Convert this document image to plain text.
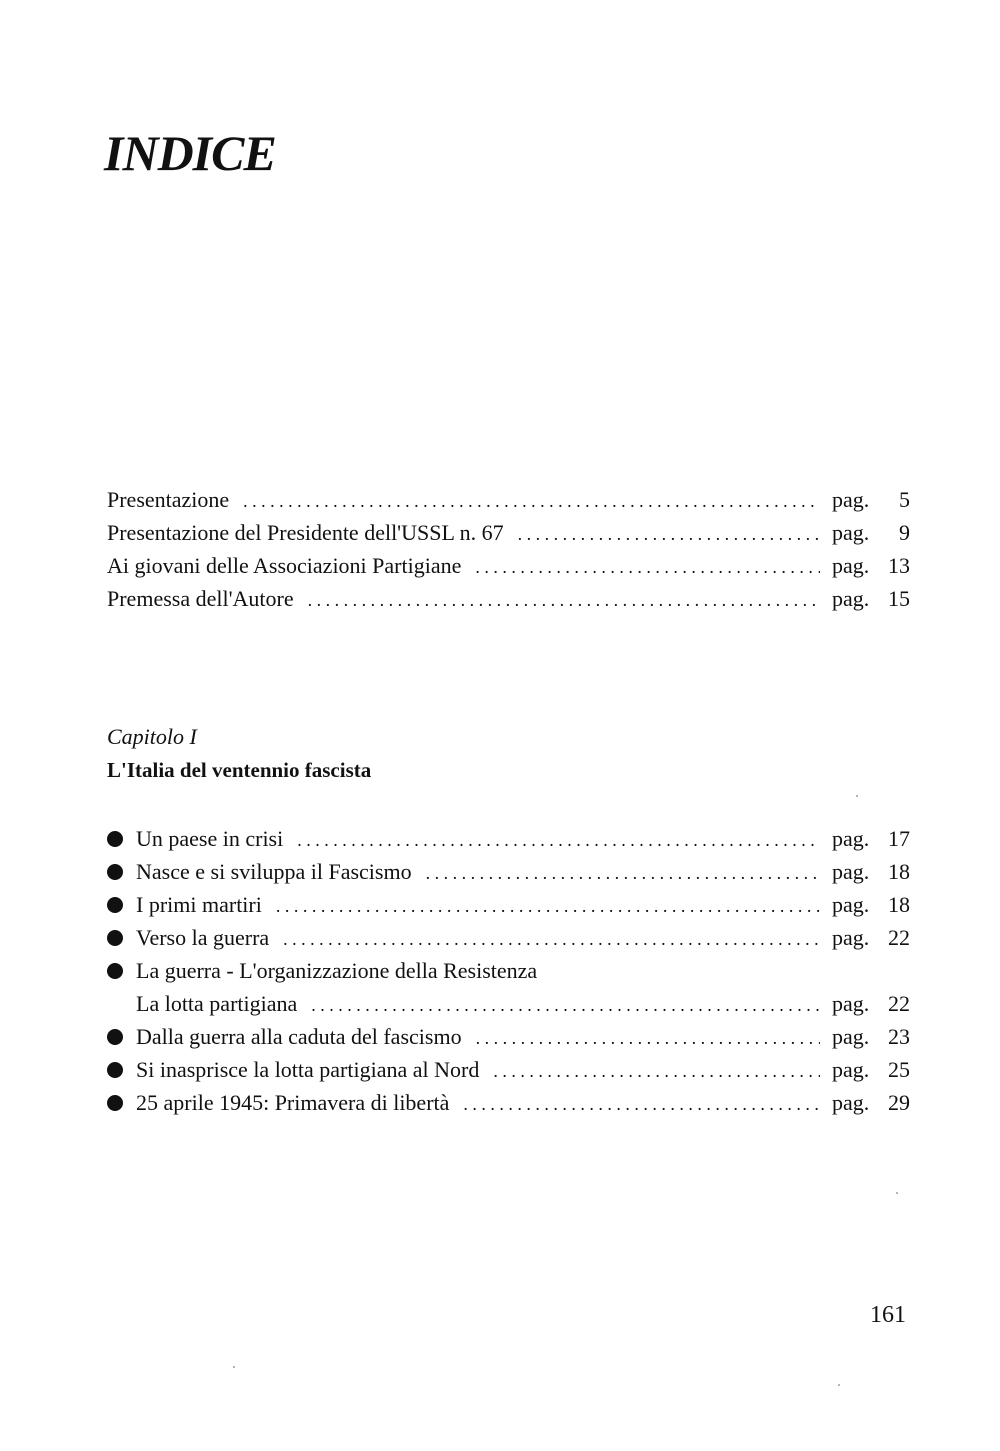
INDICE
Presentazione . . .	pag.	5
Presentazione del Presidente dell'USSL n. 67 . . .	pag.	9
Ai giovani delle Associazioni Partigiane . . .	pag. 13
Premessa dell'Autore . . .	pag. 15
Capitolo I
L'Italia del ventennio fascista
Un paese in crisi . . .	pag. 17
Nasce e si sviluppa il Fascismo . . .	pag. 18
I primi martiri . . .	pag. 18
Verso la guerra . . .	pag. 22
La guerra - L'organizzazione della Resistenza
La lotta partigiana . . .	pag. 22
Dalla guerra alla caduta del fascismo . . .	pag. 23
Si inasprisce la lotta partigiana al Nord . . .	pag. 25
25 aprile 1945: Primavera di libertà . . .	pag. 29
161
